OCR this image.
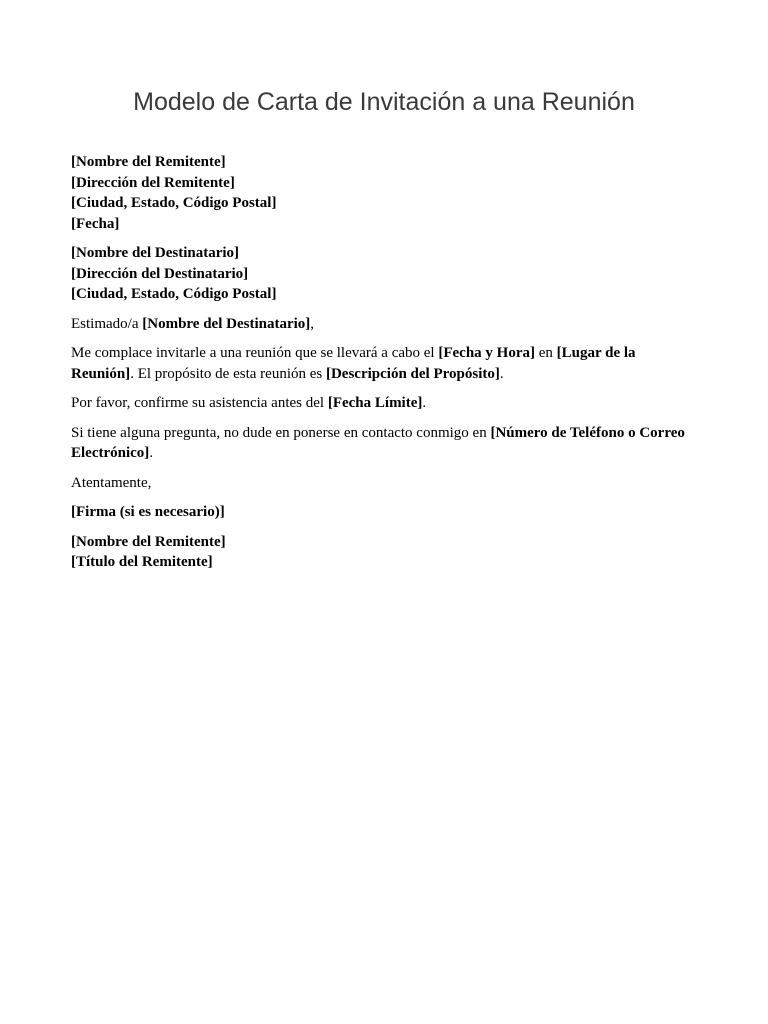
Modelo de Carta de Invitación a una Reunión
[Nombre del Remitente]
[Dirección del Remitente]
[Ciudad, Estado, Código Postal]
[Fecha]
[Nombre del Destinatario]
[Dirección del Destinatario]
[Ciudad, Estado, Código Postal]
Estimado/a [Nombre del Destinatario],
Me complace invitarle a una reunión que se llevará a cabo el [Fecha y Hora] en [Lugar de la Reunión]. El propósito de esta reunión es [Descripción del Propósito].
Por favor, confirme su asistencia antes del [Fecha Límite].
Si tiene alguna pregunta, no dude en ponerse en contacto conmigo en [Número de Teléfono o Correo Electrónico].
Atentamente,
[Firma (si es necesario)]
[Nombre del Remitente]
[Título del Remitente]
